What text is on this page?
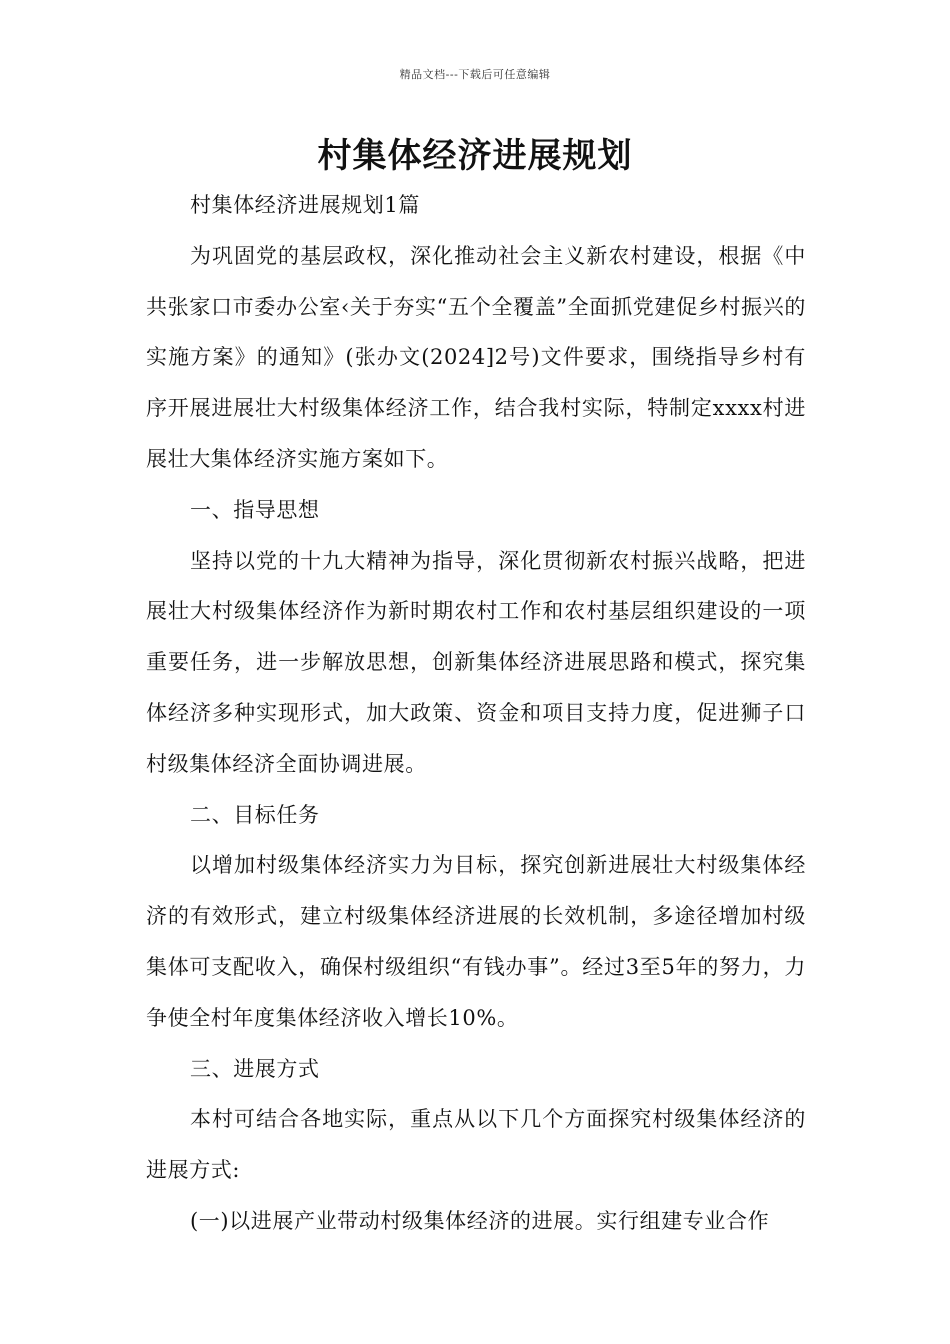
精品文档---下载后可任意编辑
村集体经济进展规划

村集体经济进展规划1篇

为巩固党的基层政权，深化推动社会主义新农村建设，根据《中共张家口市委办公室‹关于夯实“五个全覆盖”全面抓党建促乡村振兴的实施方案》的通知》(张办文(2024]2号)文件要求，围绕指导乡村有序开展进展壮大村级集体经济工作，结合我村实际，特制定xxxx村进展壮大集体经济实施方案如下。

一、指导思想

坚持以党的十九大精神为指导，深化贯彻新农村振兴战略，把进展壮大村级集体经济作为新时期农村工作和农村基层组织建设的一项重要任务，进一步解放思想，创新集体经济进展思路和模式，探究集体经济多种实现形式，加大政策、资金和项目支持力度，促进狮子口村级集体经济全面协调进展。

二、目标任务

以增加村级集体经济实力为目标，探究创新进展壮大村级集体经济的有效形式，建立村级集体经济进展的长效机制，多途径增加村级集体可支配收入，确保村级组织“有钱办事”。经过3至5年的努力，力争使全村年度集体经济收入增长10%。

三、进展方式

本村可结合各地实际，重点从以下几个方面探究村级集体经济的进展方式:

(一)以进展产业带动村级集体经济的进展。实行组建专业合作
